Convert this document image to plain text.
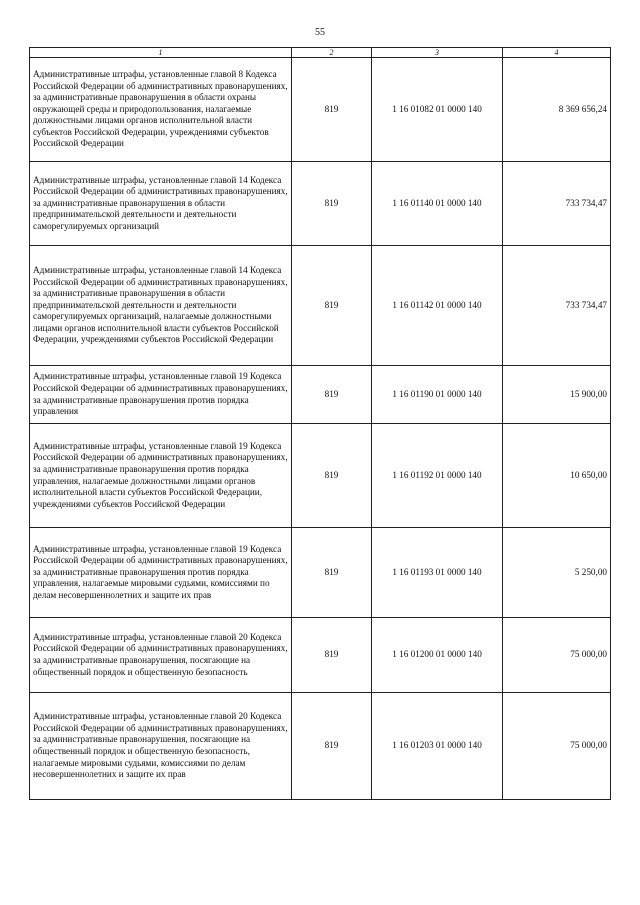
55
1	2	3	4
Административные штрафы, установленные главой 8 Кодекса Российской Федерации об административных правонарушениях, за административные правонарушения в области охраны окружающей среды и природопользования, налагаемые должностными лицами органов исполнительной власти субъектов Российской Федерации, учреждениями субъектов Российской Федерации	819	1 16 01082 01 0000 140	8 369 656,24
Административные штрафы, установленные главой 14 Кодекса Российской Федерации об административных правонарушениях, за административные правонарушения в области предпринимательской деятельности и деятельности саморегулируемых организаций	819	1 16 01140 01 0000 140	733 734,47
Административные штрафы, установленные главой 14 Кодекса Российской Федерации об административных правонарушениях, за административные правонарушения в области предпринимательской деятельности и деятельности саморегулируемых организаций, налагаемые должностными лицами органов исполнительной власти субъектов Российской Федерации, учреждениями субъектов Российской Федерации	819	1 16 01142 01 0000 140	733 734,47
Административные штрафы, установленные главой 19 Кодекса Российской Федерации об административных правонарушениях, за административные правонарушения против порядка управления	819	1 16 01190 01 0000 140	15 900,00
Административные штрафы, установленные главой 19 Кодекса Российской Федерации об административных правонарушениях, за административные правонарушения против порядка управления, налагаемые должностными лицами органов исполнительной власти субъектов Российской Федерации, учреждениями субъектов Российской Федерации	819	1 16 01192 01 0000 140	10 650,00
Административные штрафы, установленные главой 19 Кодекса Российской Федерации об административных правонарушениях, за административные правонарушения против порядка управления, налагаемые мировыми судьями, комиссиями по делам несовершеннолетних и защите их прав	819	1 16 01193 01 0000 140	5 250,00
Административные штрафы, установленные главой 20 Кодекса Российской Федерации об административных правонарушениях, за административные правонарушения, посягающие на общественный порядок и общественную безопасность	819	1 16 01200 01 0000 140	75 000,00
Административные штрафы, установленные главой 20 Кодекса Российской Федерации об административных правонарушениях, за административные правонарушения, посягающие на общественный порядок и общественную безопасность, налагаемые мировыми судьями, комиссиями по делам несовершеннолетних и защите их прав	819	1 16 01203 01 0000 140	75 000,00
